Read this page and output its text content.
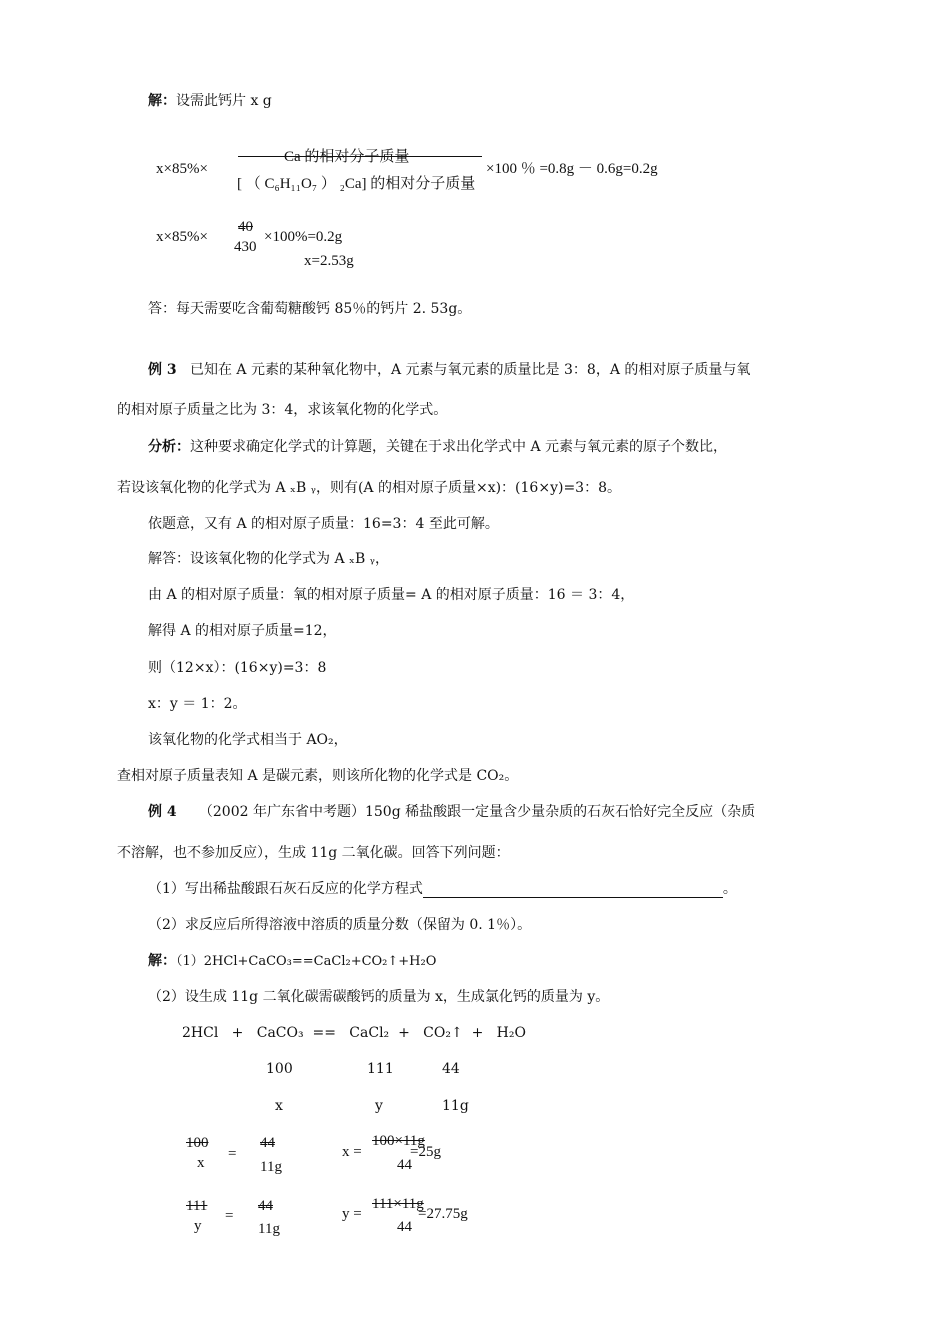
解：设需此钙片 x g
x×85%×
Ca 的相对分子质量
[ （ C₆H₁₁O₇ ） ₂Ca] 的相对分子质量
×100 ％ =0.8g － 0.6g=0.2g
x×85%×
40
430
×100%=0.2g
x=2.53g
答：每天需要吃含葡萄糖酸钙 85％的钙片 2. 53g。
例 3 已知在 A 元素的某种氧化物中，A 元素与氧元素的质量比是 3：8，A 的相对原子质量与氧
的相对原子质量之比为 3：4，求该氧化物的化学式。
分析：这种要求确定化学式的计算题，关键在于求出化学式中 A 元素与氧元素的原子个数比，
若设该氧化物的化学式为 A ₓB ᵧ，则有(A 的相对原子质量×x)：(16×y)=3：8。
依题意，又有 A 的相对原子质量：16=3：4 至此可解。
解答：设该氧化物的化学式为 A ₓB ᵧ，
由 A 的相对原子质量：氧的相对原子质量= A 的相对原子质量：16 ＝ 3：4，
解得 A 的相对原子质量=12，
则（12×x）：(16×y)=3：8
x：y ＝ 1：2。
该氧化物的化学式相当于 AO₂，
查相对原子质量表知 A 是碳元素，则该所化物的化学式是 CO₂。
例 4 （2002 年广东省中考题）150g 稀盐酸跟一定量含少量杂质的石灰石恰好完全反应（杂质
不溶解，也不参加反应），生成 11g 二氧化碳。回答下列问题：
（1）写出稀盐酸跟石灰石反应的化学方程式	。
（2）求反应后所得溶液中溶质的质量分数（保留为 0. 1％）。
解：（1）2HCl+CaCO₃==CaCl₂+CO₂↑+H₂O
（2）设生成 11g 二氧化碳需碳酸钙的质量为 x，生成氯化钙的质量为 y。
2HCl   +   CaCO₃  ==   CaCl₂  +   CO₂↑  +   H₂O
100	111	44
x	y	11g
100
x
=
44
11g
x =
100×11g
44
=25g
111
y
=
44
11g
y =
111×11g
44
=27.75g
